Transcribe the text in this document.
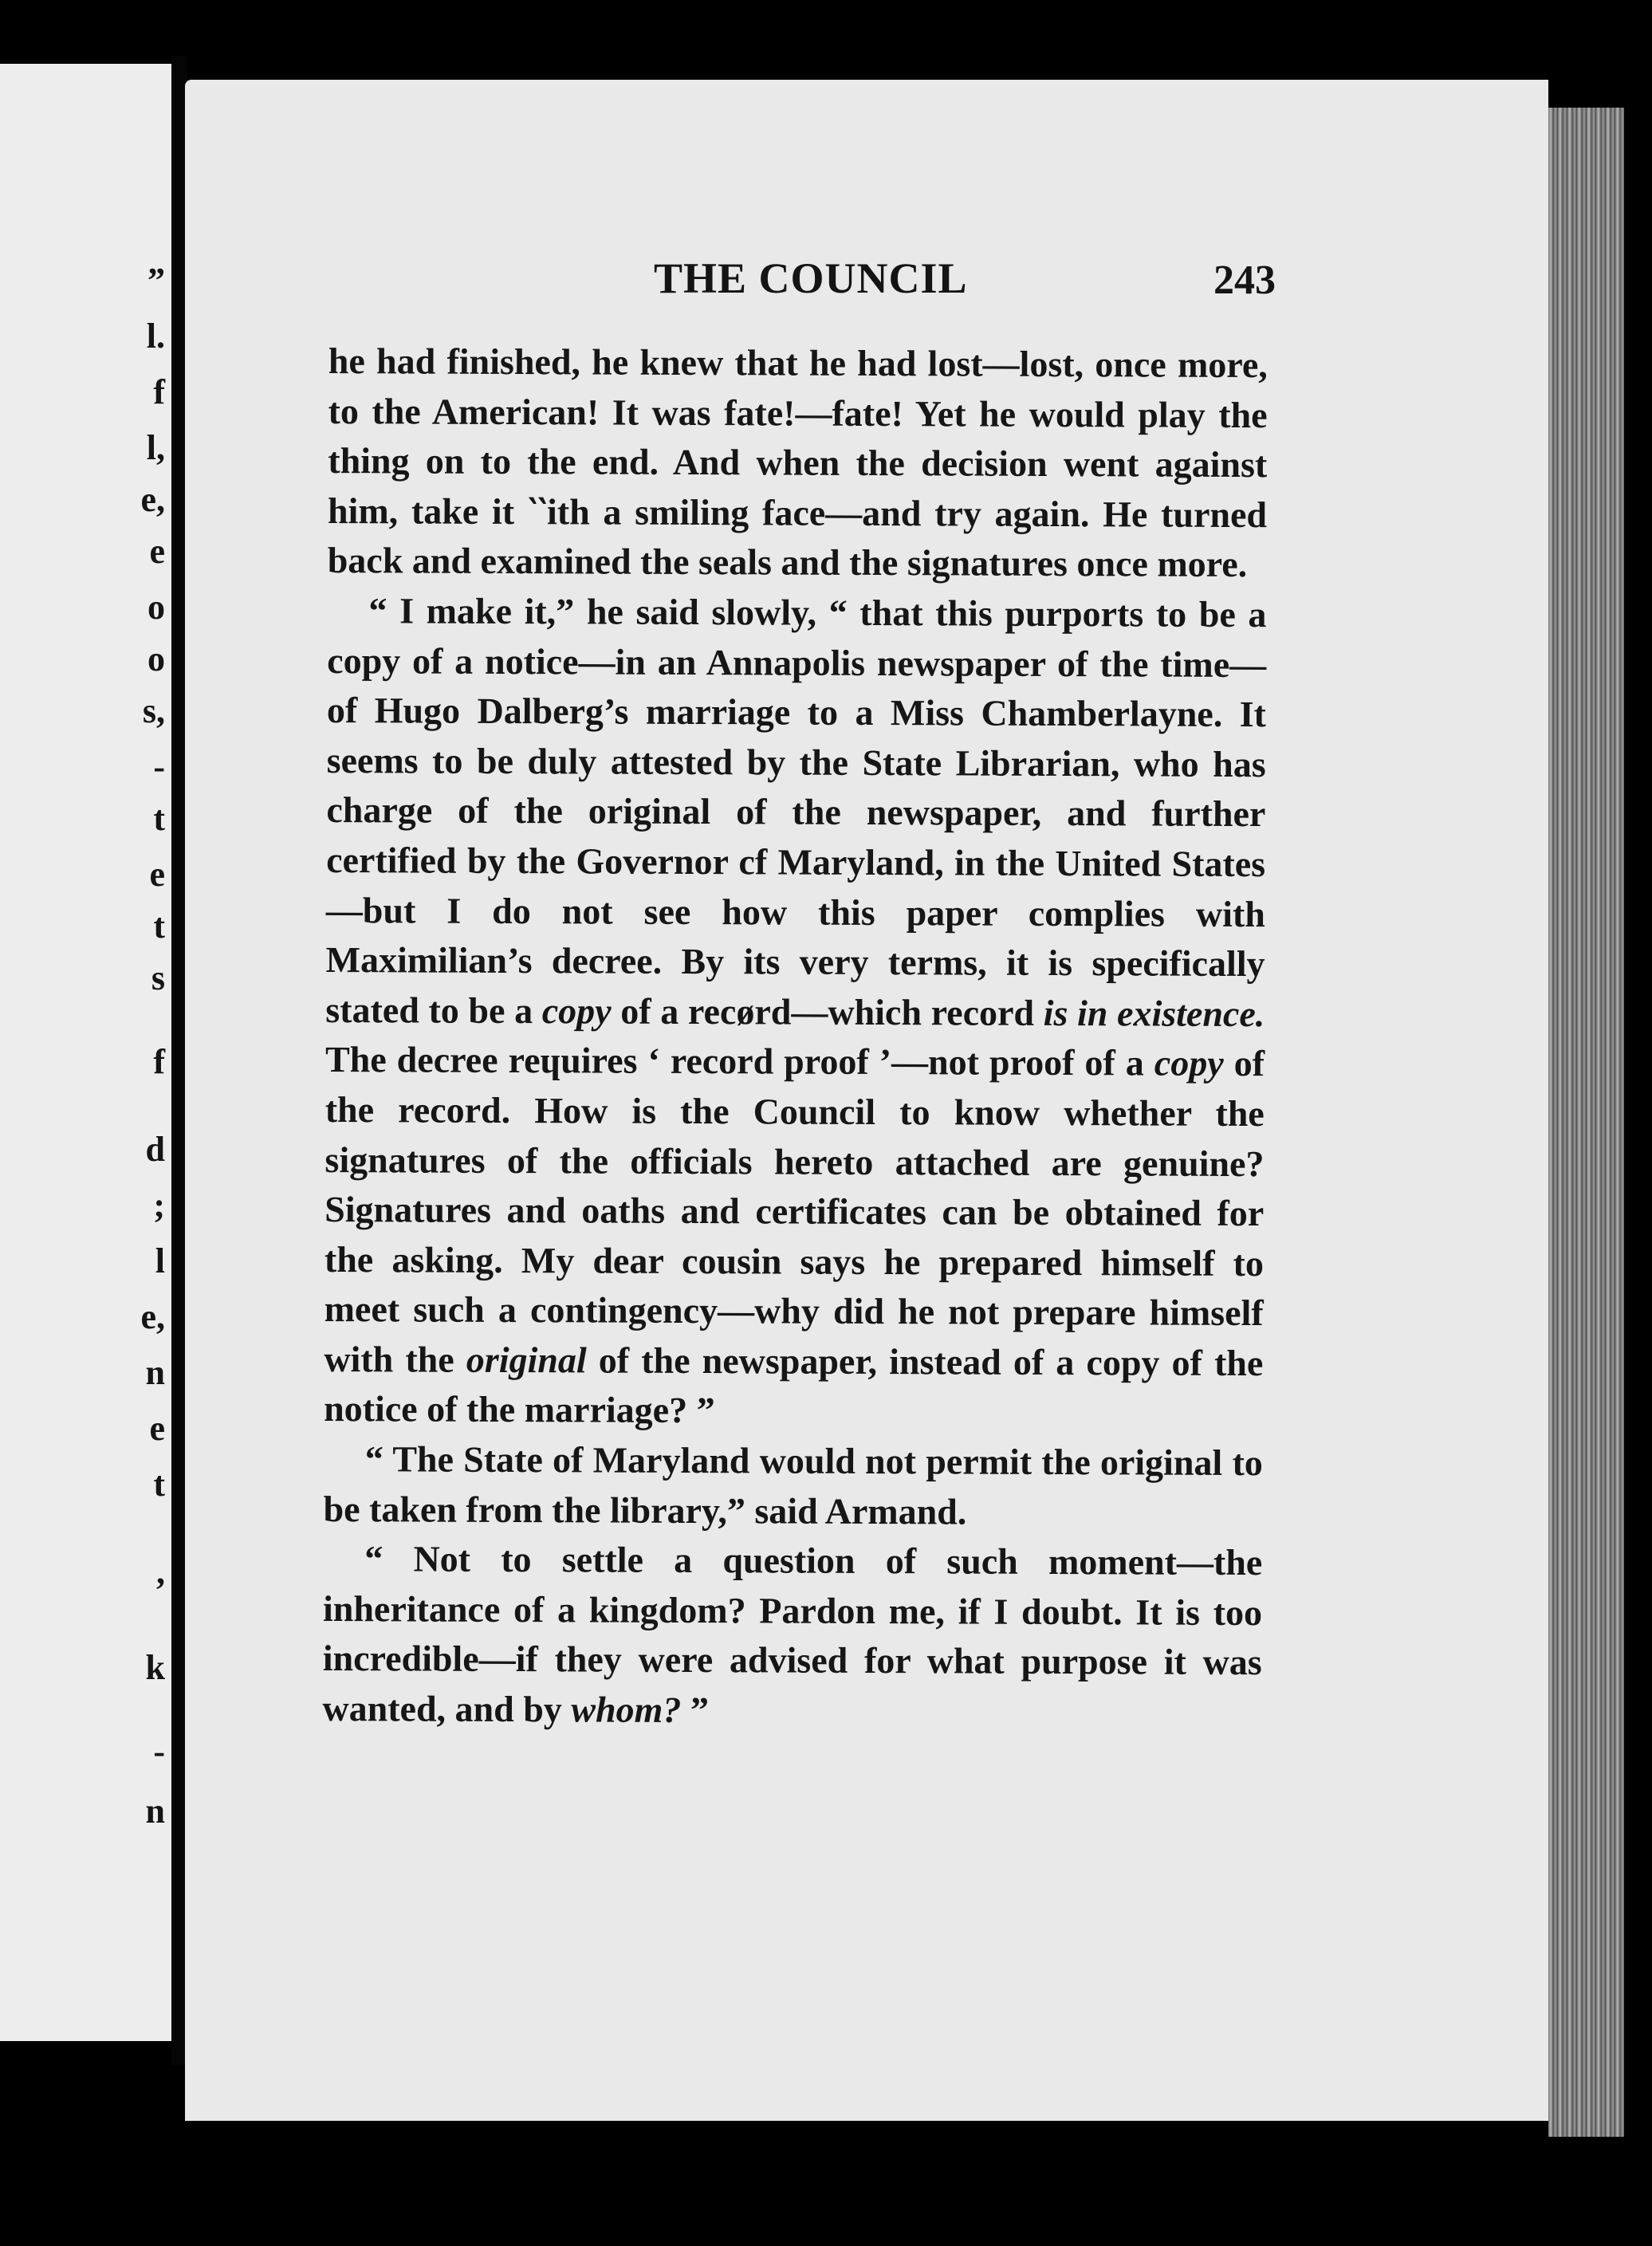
”
l.
f
l,
e,
e
o
o
s,
-
t
e
t
s
f
d
;
l
e,
n
e
t
,
k
-
n
THE COUNCIL	243

he had finished, he knew that he had lost—lost, once more, to the American! It was fate!—fate! Yet he would play the thing on to the end. And when the decision went against him, take it ‵‵ith a smiling face—and try again. He turned back and examined the seals and the signatures once more.

“ I make it,” he said slowly, “ that this purports to be a copy of a notice—in an Annapolis newspaper of the time—of Hugo Dalberg’s marriage to a Miss Chamberlayne. It seems to be duly attested by the State Librarian, who has charge of the original of the newspaper, and further certified by the Governor cf Maryland, in the United States—but I do not see how this paper complies with Maximilian’s decree. By its very terms, it is specifically stated to be a copy of a recørd—which record is in existence. The decree reɥuires ‘ record proof ’—not proof of a copy of the record. How is the Council to know whether the signatures of the officials hereto attached are genuine? Signatures and oaths and certificates can be obtained for the asking. My dear cousin says he prepared himself to meet such a contingency—why did he not prepare himself with the original of the newspaper, instead of a copy of the notice of the marriage? ”

“ The State of Maryland would not permit the original to be taken from the library,” said Armand.

“ Not to settle a question of such moment—the inheritance of a kingdom? Pardon me, if I doubt. It is too incredible—if they were advised for what purpose it was wanted, and by whom? ”
